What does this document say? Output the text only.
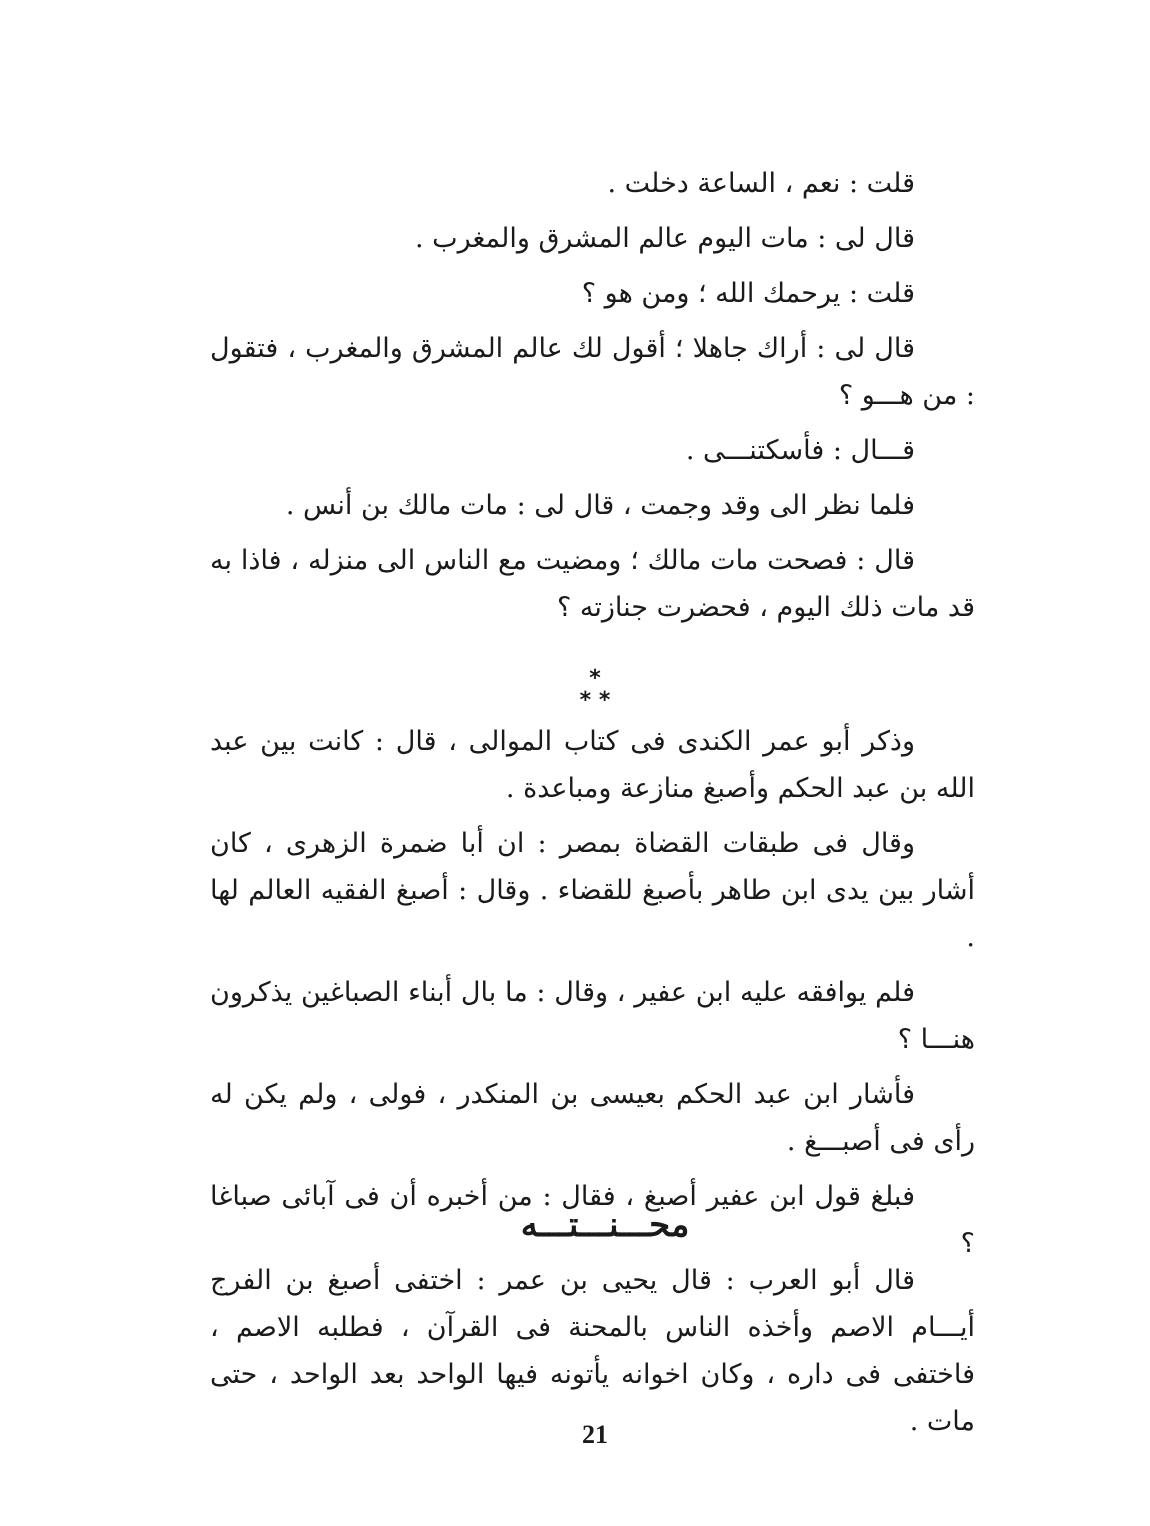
قلت : نعم ، الساعة دخلت .

قال لى : مات اليوم عالم المشرق والمغرب .

قلت : يرحمك الله ؛ ومن هو ؟

قال لى : أراك جاهلا ؛ أقول لك عالم المشرق والمغرب ، فتقول : من هـــو ؟

قـــال : فأسكتنـــى .

فلما نظر الى وقد وجمت ، قال لى : مات مالك بن أنس .

قال : فصحت مات مالك ؛ ومضيت مع الناس الى منزله ، فاذا به قد مات ذلك اليوم ، فحضرت جنازته ؟

*
* *

وذكر أبو عمر الكندى فى كتاب الموالى ، قال : كانت بين عبد الله بن عبد الحكم وأصبغ منازعة ومباعدة .

وقال فى طبقات القضاة بمصر : ان أبا ضمرة الزهرى ، كان أشار بين يدى ابن طاهر بأصبغ للقضاء . وقال : أصبغ الفقيه العالم لها .

فلم يوافقه عليه ابن عفير ، وقال : ما بال أبناء الصباغين يذكرون هنـــا ؟

فأشار ابن عبد الحكم بعيسى بن المنكدر ، فولى ، ولم يكن له رأى فى أصبـــغ .

فبلغ قول ابن عفير أصبغ ، فقال : من أخبره أن فى آبائى صباغا ؟

محـــنـــتـــه

قال أبو العرب : قال يحيى بن عمر : اختفى أصبغ بن الفرج أيـــام الاصم وأخذه الناس بالمحنة فى القرآن ، فطلبه الاصم ، فاختفى فى داره ، وكان اخوانه يأتونه فيها الواحد بعد الواحد ، حتى مات .

21
